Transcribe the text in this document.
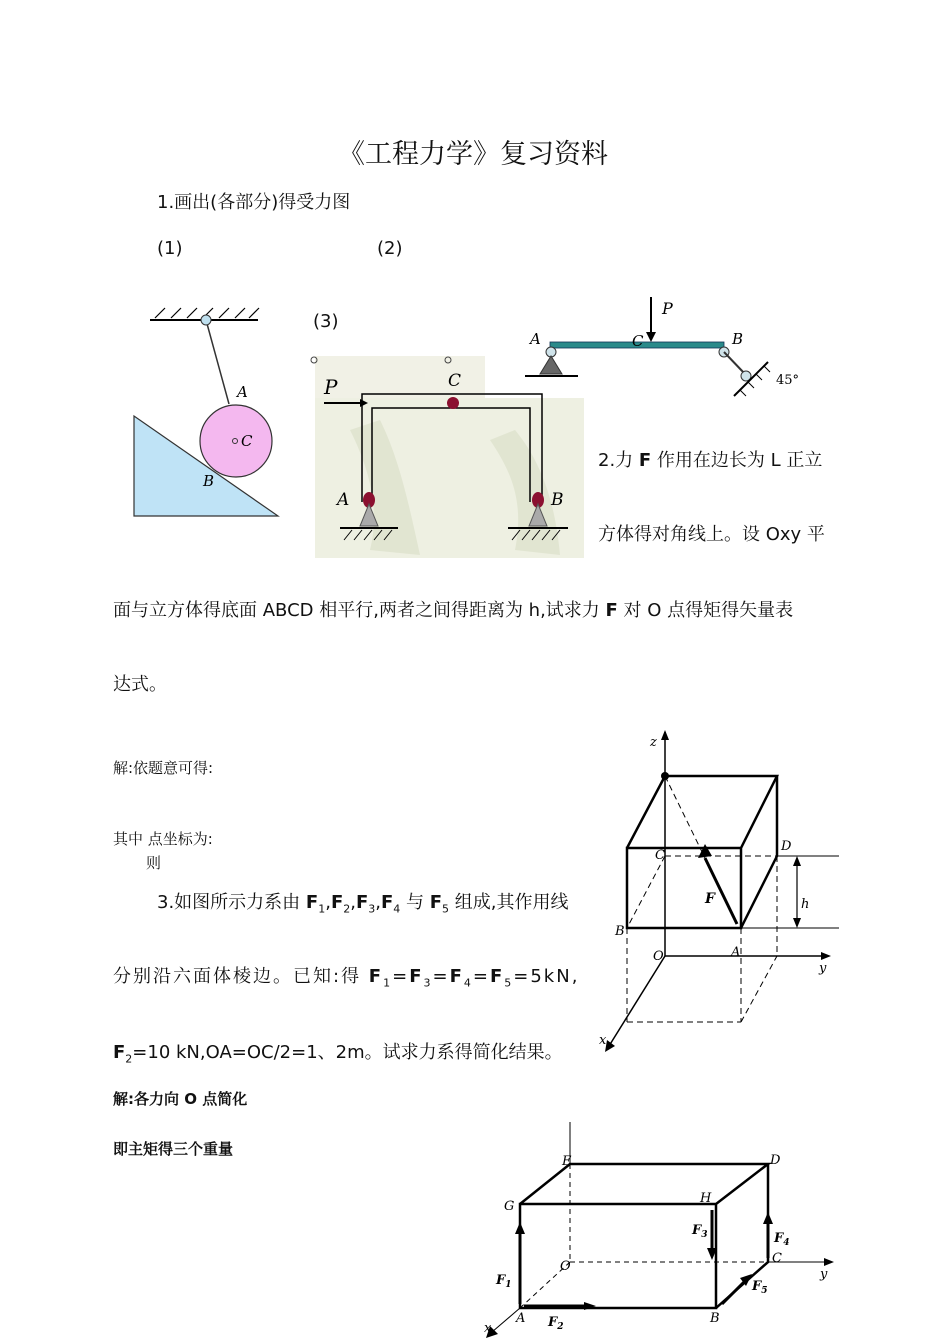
《工程力学》复习资料
1.画出(各部分)得受力图
(1)	(2)
(3)
A
C
B
P
A	C	B
45°
P	C
A	B
2.力 F 作用在边长为 L 正立
方体得对角线上。设 Oxy 平
面与立方体得底面 ABCD 相平行,两者之间得距离为 h,试求力 F 对 O 点得矩得矢量表
达式。
解:依题意可得:
其中 点坐标为:
则
z
y
x
h
C
D
B
A
O
F
3.如图所示力系由 $F_1,F_2,F_3,F_4$ 与 $F_5$ 组成,其作用线
分别沿六面体棱边。已知:得 $F_1=F_3=F_4=F_5=5kN$,
$F_2=10$ kN,OA=OC/2=1、2m。试求力系得简化结果。
解:各力向 O 点简化
即主矩得三个重量
E	D
G
H
O
C
A	B
y
x
$F_1$
$F_2$
$F_3$	$F_4$
$F_5$
